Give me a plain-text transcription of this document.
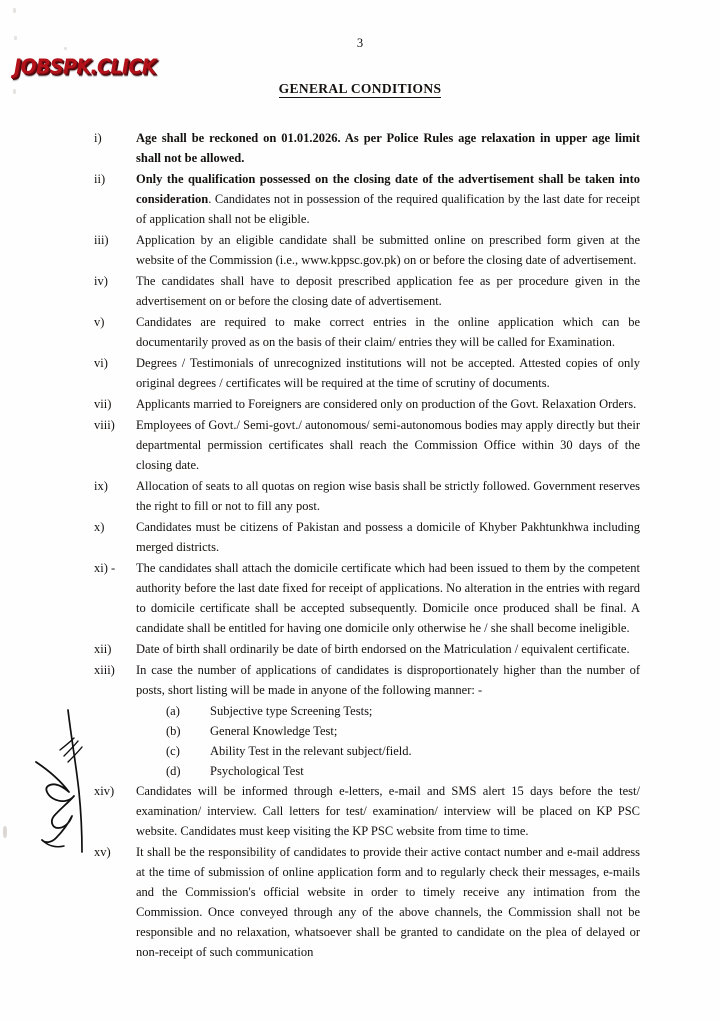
JOBSPK.CLICK
3
GENERAL CONDITIONS
i)	Age shall be reckoned on 01.01.2026. As per Police Rules age relaxation in upper age limit shall not be allowed.
ii)	Only the qualification possessed on the closing date of the advertisement shall be taken into consideration. Candidates not in possession of the required qualification by the last date for receipt of application shall not be eligible.
iii)	Application by an eligible candidate shall be submitted online on prescribed form given at the website of the Commission (i.e., www.kppsc.gov.pk) on or before the closing date of advertisement.
iv)	The candidates shall have to deposit prescribed application fee as per procedure given in the advertisement on or before the closing date of advertisement.
v)	Candidates are required to make correct entries in the online application which can be documentarily proved as on the basis of their claim/ entries they will be called for Examination.
vi)	Degrees / Testimonials of unrecognized institutions will not be accepted. Attested copies of only original degrees / certificates will be required at the time of scrutiny of documents.
vii)	Applicants married to Foreigners are considered only on production of the Govt. Relaxation Orders.
viii)	Employees of Govt./ Semi-govt./ autonomous/ semi-autonomous bodies may apply directly but their departmental permission certificates shall reach the Commission Office within 30 days of the closing date.
ix)	Allocation of seats to all quotas on region wise basis shall be strictly followed. Government reserves the right to fill or not to fill any post.
x)	Candidates must be citizens of Pakistan and possess a domicile of Khyber Pakhtunkhwa including merged districts.
xi) -	The candidates shall attach the domicile certificate which had been issued to them by the competent authority before the last date fixed for receipt of applications. No alteration in the entries with regard to domicile certificate shall be accepted subsequently. Domicile once produced shall be final. A candidate shall be entitled for having one domicile only otherwise he / she shall become ineligible.
xii)	Date of birth shall ordinarily be date of birth endorsed on the Matriculation / equivalent certificate.
xiii)	In case the number of applications of candidates is disproportionately higher than the number of posts, short listing will be made in anyone of the following manner: -
(a)	Subjective type Screening Tests;
(b)	General Knowledge Test;
(c)	Ability Test in the relevant subject/field.
(d)	Psychological Test
xiv)	Candidates will be informed through e-letters, e-mail and SMS alert 15 days before the test/ examination/ interview. Call letters for test/ examination/ interview will be placed on KP PSC website. Candidates must keep visiting the KP PSC website from time to time.
xv)	It shall be the responsibility of candidates to provide their active contact number and e-mail address at the time of submission of online application form and to regularly check their messages, e-mails and the Commission's official website in order to timely receive any intimation from the Commission. Once conveyed through any of the above channels, the Commission shall not be responsible and no relaxation, whatsoever shall be granted to candidate on the plea of delayed or non-receipt of such communication
